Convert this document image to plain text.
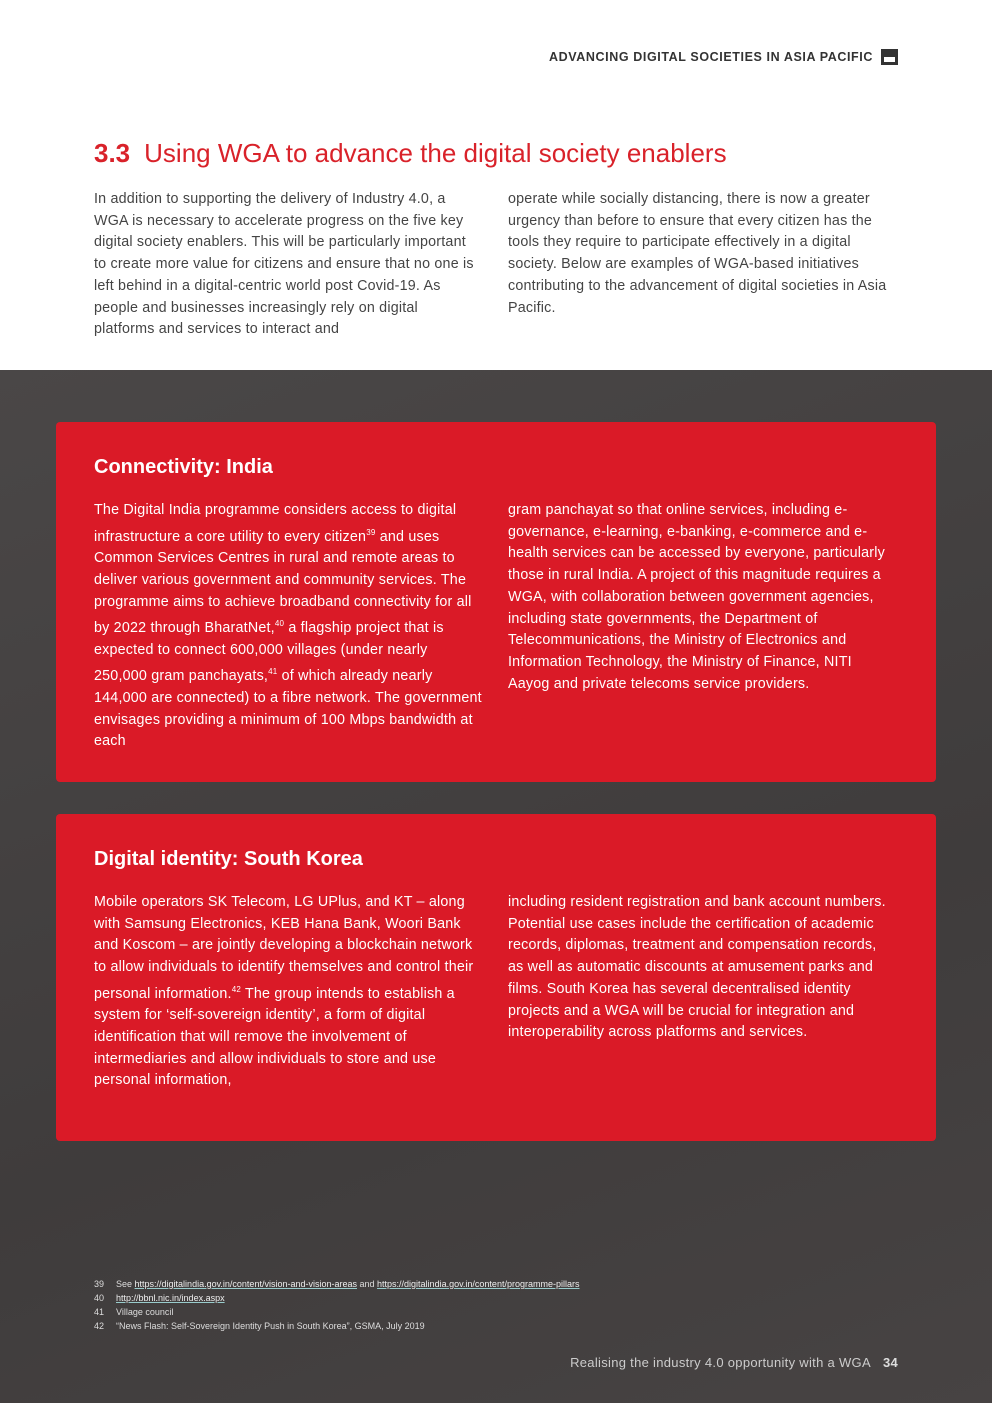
ADVANCING DIGITAL SOCIETIES IN ASIA PACIFIC
3.3 Using WGA to advance the digital society enablers

In addition to supporting the delivery of Industry 4.0, a WGA is necessary to accelerate progress on the five key digital society enablers. This will be particularly important to create more value for citizens and ensure that no one is left behind in a digital-centric world post Covid-19. As people and businesses increasingly rely on digital platforms and services to interact and

operate while socially distancing, there is now a greater urgency than before to ensure that every citizen has the tools they require to participate effectively in a digital society. Below are examples of WGA-based initiatives contributing to the advancement of digital societies in Asia Pacific.

Connectivity: India

The Digital India programme considers access to digital infrastructure a core utility to every citizen$^{39}$ and uses Common Services Centres in rural and remote areas to deliver various government and community services. The programme aims to achieve broadband connectivity for all by 2022 through BharatNet,$^{40}$ a flagship project that is expected to connect 600,000 villages (under nearly 250,000 gram panchayats,$^{41}$ of which already nearly 144,000 are connected) to a fibre network. The government envisages providing a minimum of 100 Mbps bandwidth at each

gram panchayat so that online services, including e-governance, e-learning, e-banking, e-commerce and e-health services can be accessed by everyone, particularly those in rural India. A project of this magnitude requires a WGA, with collaboration between government agencies, including state governments, the Department of Telecommunications, the Ministry of Electronics and Information Technology, the Ministry of Finance, NITI Aayog and private telecoms service providers.

Digital identity: South Korea

Mobile operators SK Telecom, LG UPlus, and KT – along with Samsung Electronics, KEB Hana Bank, Woori Bank and Koscom – are jointly developing a blockchain network to allow individuals to identify themselves and control their personal information.$^{42}$ The group intends to establish a system for ‘self-sovereign identity’, a form of digital identification that will remove the involvement of intermediaries and allow individuals to store and use personal information,

including resident registration and bank account numbers. Potential use cases include the certification of academic records, diplomas, treatment and compensation records, as well as automatic discounts at amusement parks and films. South Korea has several decentralised identity projects and a WGA will be crucial for integration and interoperability across platforms and services.

39 See https://digitalindia.gov.in/content/vision-and-vision-areas and https://digitalindia.gov.in/content/programme-pillars
40 http://bbnl.nic.in/index.aspx
41 Village council
42 “News Flash: Self-Sovereign Identity Push in South Korea”, GSMA, July 2019
Realising the industry 4.0 opportunity with a WGA 34
